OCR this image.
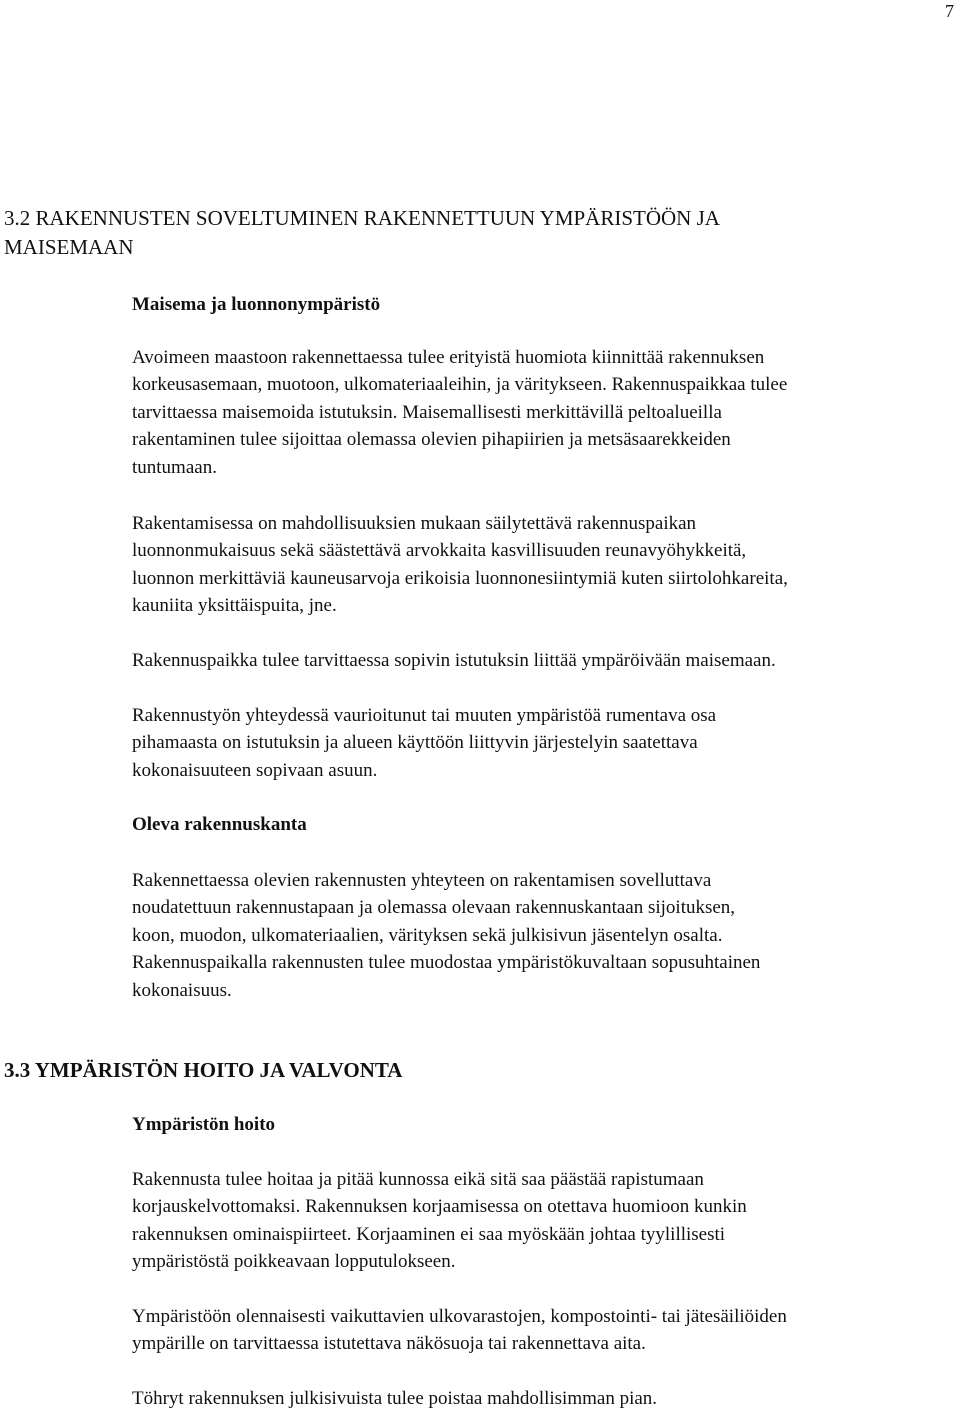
7
3.2 RAKENNUSTEN SOVELTUMINEN RAKENNETTUUN YMPÄRISTÖÖN JA
MAISEMAAN
Maisema ja luonnonympäristö

Avoimeen maastoon rakennettaessa tulee erityistä huomiota kiinnittää rakennuksen
korkeusasemaan, muotoon, ulkomateriaaleihin, ja väritykseen. Rakennuspaikkaa tulee
tarvittaessa maisemoida istutuksin. Maisemallisesti merkittävillä peltoalueilla
rakentaminen tulee sijoittaa olemassa olevien pihapiirien ja metsäsaarekkeiden
tuntumaan.

Rakentamisessa on mahdollisuuksien mukaan säilytettävä rakennuspaikan
luonnonmukaisuus sekä säästettävä arvokkaita kasvillisuuden reunavyöhykkeitä,
luonnon merkittäviä kauneusarvoja erikoisia luonnonesiintymiä kuten siirtolohkareita,
kauniita yksittäispuita, jne.

Rakennuspaikka tulee tarvittaessa sopivin istutuksin liittää ympäröivään maisemaan.

Rakennustyön yhteydessä vaurioitunut tai muuten ympäristöä rumentava osa
pihamaasta on istutuksin ja alueen käyttöön liittyvin järjestelyin saatettava
kokonaisuuteen sopivaan asuun.

Oleva rakennuskanta

Rakennettaessa olevien rakennusten yhteyteen on rakentamisen sovelluttava
noudatettuun rakennustapaan ja olemassa olevaan rakennuskantaan sijoituksen,
koon, muodon, ulkomateriaalien, värityksen sekä julkisivun jäsentelyn osalta.
Rakennuspaikalla rakennusten tulee muodostaa ympäristökuvaltaan sopusuhtainen
kokonaisuus.

3.3 YMPÄRISTÖN HOITO JA VALVONTA
Ympäristön hoito

Rakennusta tulee hoitaa ja pitää kunnossa eikä sitä saa päästää rapistumaan
korjauskelvottomaksi. Rakennuksen korjaamisessa on otettava huomioon kunkin
rakennuksen ominaispiirteet. Korjaaminen ei saa myöskään johtaa tyylillisesti
ympäristöstä poikkeavaan lopputulokseen.

Ympäristöön olennaisesti vaikuttavien ulkovarastojen, kompostointi- tai jätesäiliöiden
ympärille on tarvittaessa istutettava näkösuoja tai rakennettava aita.

Töhryt rakennuksen julkisivuista tulee poistaa mahdollisimman pian.
